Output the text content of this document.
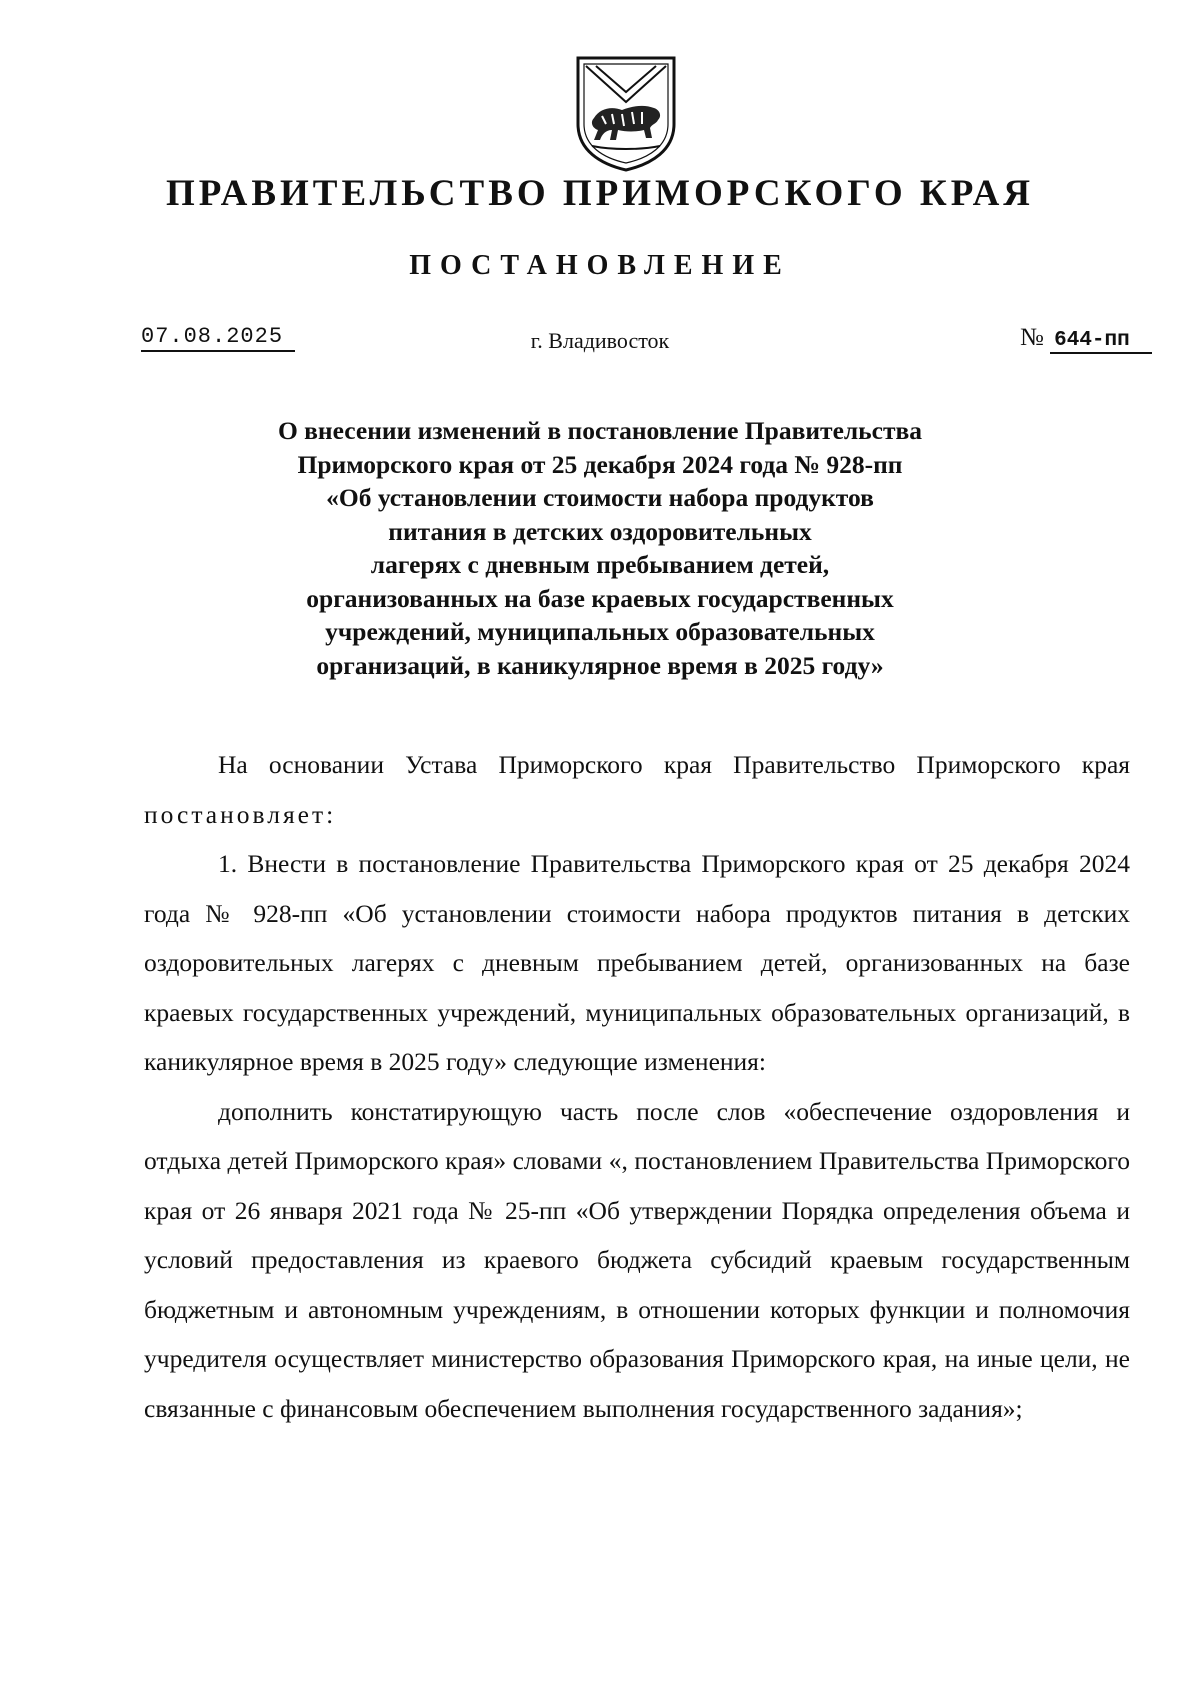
ПРАВИТЕЛЬСТВО ПРИМОРСКОГО КРАЯ
ПОСТАНОВЛЕНИЕ
07.08.2025	г. Владивосток	№ 644-пп
О внесении изменений в постановление Правительства
Приморского края от 25 декабря 2024 года № 928-пп
«Об установлении стоимости набора продуктов
питания в детских оздоровительных
лагерях с дневным пребыванием детей,
организованных на базе краевых государственных
учреждений, муниципальных образовательных
организаций, в каникулярное время в 2025 году»

На основании Устава Приморского края Правительство Приморского края постановляет:

1. Внести в постановление Правительства Приморского края от 25 декабря 2024 года № 928-пп «Об установлении стоимости набора продуктов питания в детских оздоровительных лагерях с дневным пребыванием детей, организованных на базе краевых государственных учреждений, муниципальных образовательных организаций, в каникулярное время в 2025 году» следующие изменения:

дополнить констатирующую часть после слов «обеспечение оздоровления и отдыха детей Приморского края» словами «, постановлением Правительства Приморского края от 26 января 2021 года № 25-пп «Об утверждении Порядка определения объема и условий предоставления из краевого бюджета субсидий краевым государственным бюджетным и автономным учреждениям, в отношении которых функции и полномочия учредителя осуществляет министерство образования Приморского края, на иные цели, не связанные с финансовым обеспечением выполнения государственного задания»;
